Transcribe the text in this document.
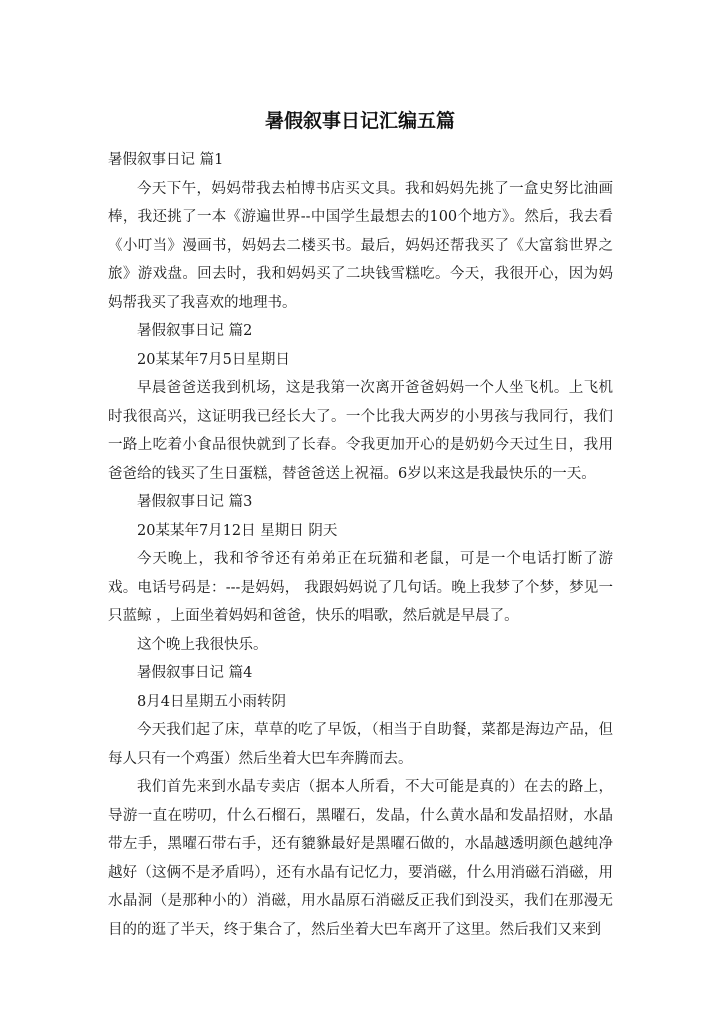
暑假叙事日记汇编五篇

暑假叙事日记 篇1

今天下午，妈妈带我去柏博书店买文具。我和妈妈先挑了一盒史努比油画棒，我还挑了一本《游遍世界--中国学生最想去的100个地方》。然后，我去看《小叮当》漫画书，妈妈去二楼买书。最后，妈妈还帮我买了《大富翁世界之旅》游戏盘。回去时，我和妈妈买了二块钱雪糕吃。今天，我很开心，因为妈妈帮我买了我喜欢的地理书。

暑假叙事日记 篇2

20某某年7月5日星期日

早晨爸爸送我到机场，这是我第一次离开爸爸妈妈一个人坐飞机。上飞机时我很高兴，这证明我已经长大了。一个比我大两岁的小男孩与我同行，我们一路上吃着小食品很快就到了长春。令我更加开心的是奶奶今天过生日，我用爸爸给的钱买了生日蛋糕，替爸爸送上祝福。6岁以来这是我最快乐的一天。

暑假叙事日记 篇3

20某某年7月12日 星期日 阴天

今天晚上，我和爷爷还有弟弟正在玩猫和老鼠，可是一个电话打断了游戏。电话号码是：---是妈妈， 我跟妈妈说了几句话。晚上我梦了个梦，梦见一只蓝鲸 ，上面坐着妈妈和爸爸，快乐的唱歌，然后就是早晨了。

这个晚上我很快乐。

暑假叙事日记 篇4

8月4日星期五小雨转阴

今天我们起了床，草草的吃了早饭，（相当于自助餐，菜都是海边产品，但每人只有一个鸡蛋）然后坐着大巴车奔腾而去。

我们首先来到水晶专卖店（据本人所看，不大可能是真的）在去的路上，导游一直在唠叨，什么石榴石，黑曜石，发晶，什么黄水晶和发晶招财，水晶带左手，黑曜石带右手，还有貔貅最好是黑曜石做的，水晶越透明颜色越纯净越好（这俩不是矛盾吗），还有水晶有记忆力，要消磁，什么用消磁石消磁，用水晶洞（是那种小的）消磁，用水晶原石消磁反正我们到没买，我们在那漫无目的的逛了半天，终于集合了，然后坐着大巴车离开了这里。然后我们又来到
